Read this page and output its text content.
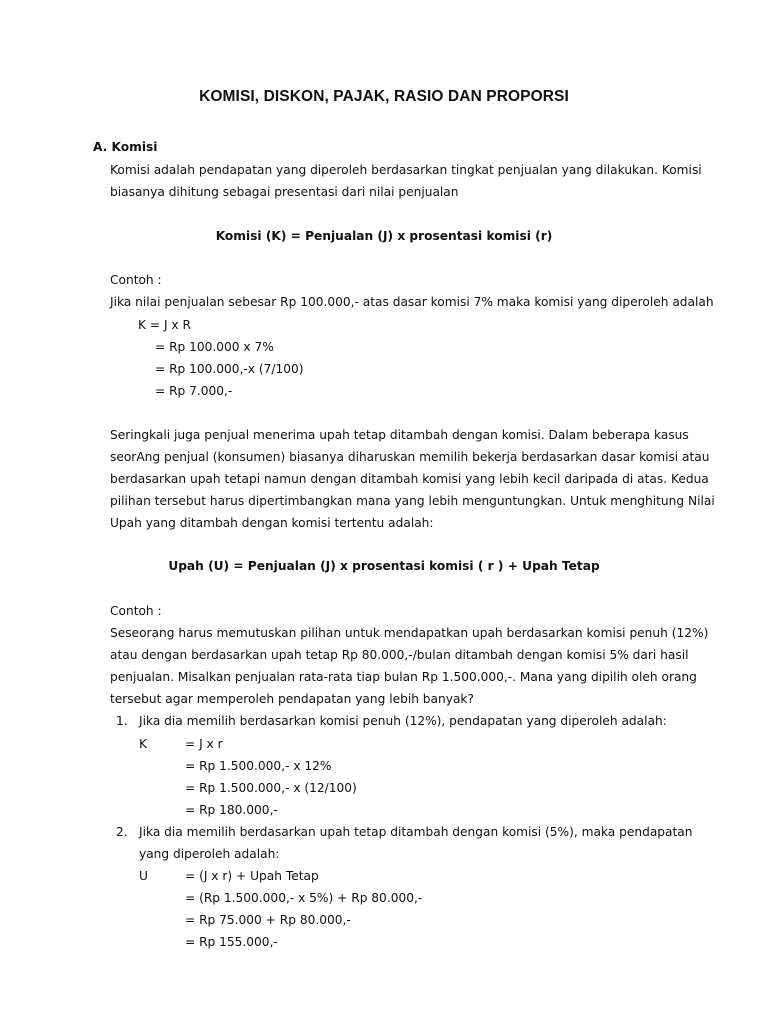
KOMISI, DISKON, PAJAK, RASIO DAN PROPORSI
A. Komisi
Komisi adalah pendapatan yang diperoleh berdasarkan tingkat penjualan yang dilakukan. Komisi
biasanya dihitung sebagai presentasi dari nilai penjualan
Komisi (K) = Penjualan (J) x prosentasi komisi (r)
Contoh :
Jika nilai penjualan sebesar Rp 100.000,- atas dasar komisi 7% maka komisi yang diperoleh adalah
K = J x R
= Rp 100.000 x 7%
= Rp 100.000,-x (7/100)
= Rp 7.000,-
Seringkali juga penjual menerima upah tetap ditambah dengan komisi. Dalam beberapa kasus
seorAng penjual (konsumen) biasanya diharuskan memilih bekerja berdasarkan dasar komisi atau
berdasarkan upah tetapi namun dengan ditambah komisi yang lebih kecil daripada di atas. Kedua
pilihan tersebut harus dipertimbangkan mana yang lebih menguntungkan. Untuk menghitung Nilai
Upah yang ditambah dengan komisi tertentu adalah:
Upah (U) = Penjualan (J) x prosentasi komisi ( r ) + Upah Tetap
Contoh :
Seseorang harus memutuskan pilihan untuk mendapatkan upah berdasarkan komisi penuh (12%)
atau dengan berdasarkan upah tetap Rp 80.000,-/bulan ditambah dengan komisi 5% dari hasil
penjualan. Misalkan penjualan rata-rata tiap bulan Rp 1.500.000,-. Mana yang dipilih oleh orang
tersebut agar memperoleh pendapatan yang lebih banyak?
1. Jika dia memilih berdasarkan komisi penuh (12%), pendapatan yang diperoleh adalah:
K	= J x r
= Rp 1.500.000,- x 12%
= Rp 1.500.000,- x (12/100)
= Rp 180.000,-
2. Jika dia memilih berdasarkan upah tetap ditambah dengan komisi (5%), maka pendapatan
yang diperoleh adalah:
U	= (J x r) + Upah Tetap
= (Rp 1.500.000,- x 5%) + Rp 80.000,-
= Rp 75.000 + Rp 80.000,-
= Rp 155.000,-
